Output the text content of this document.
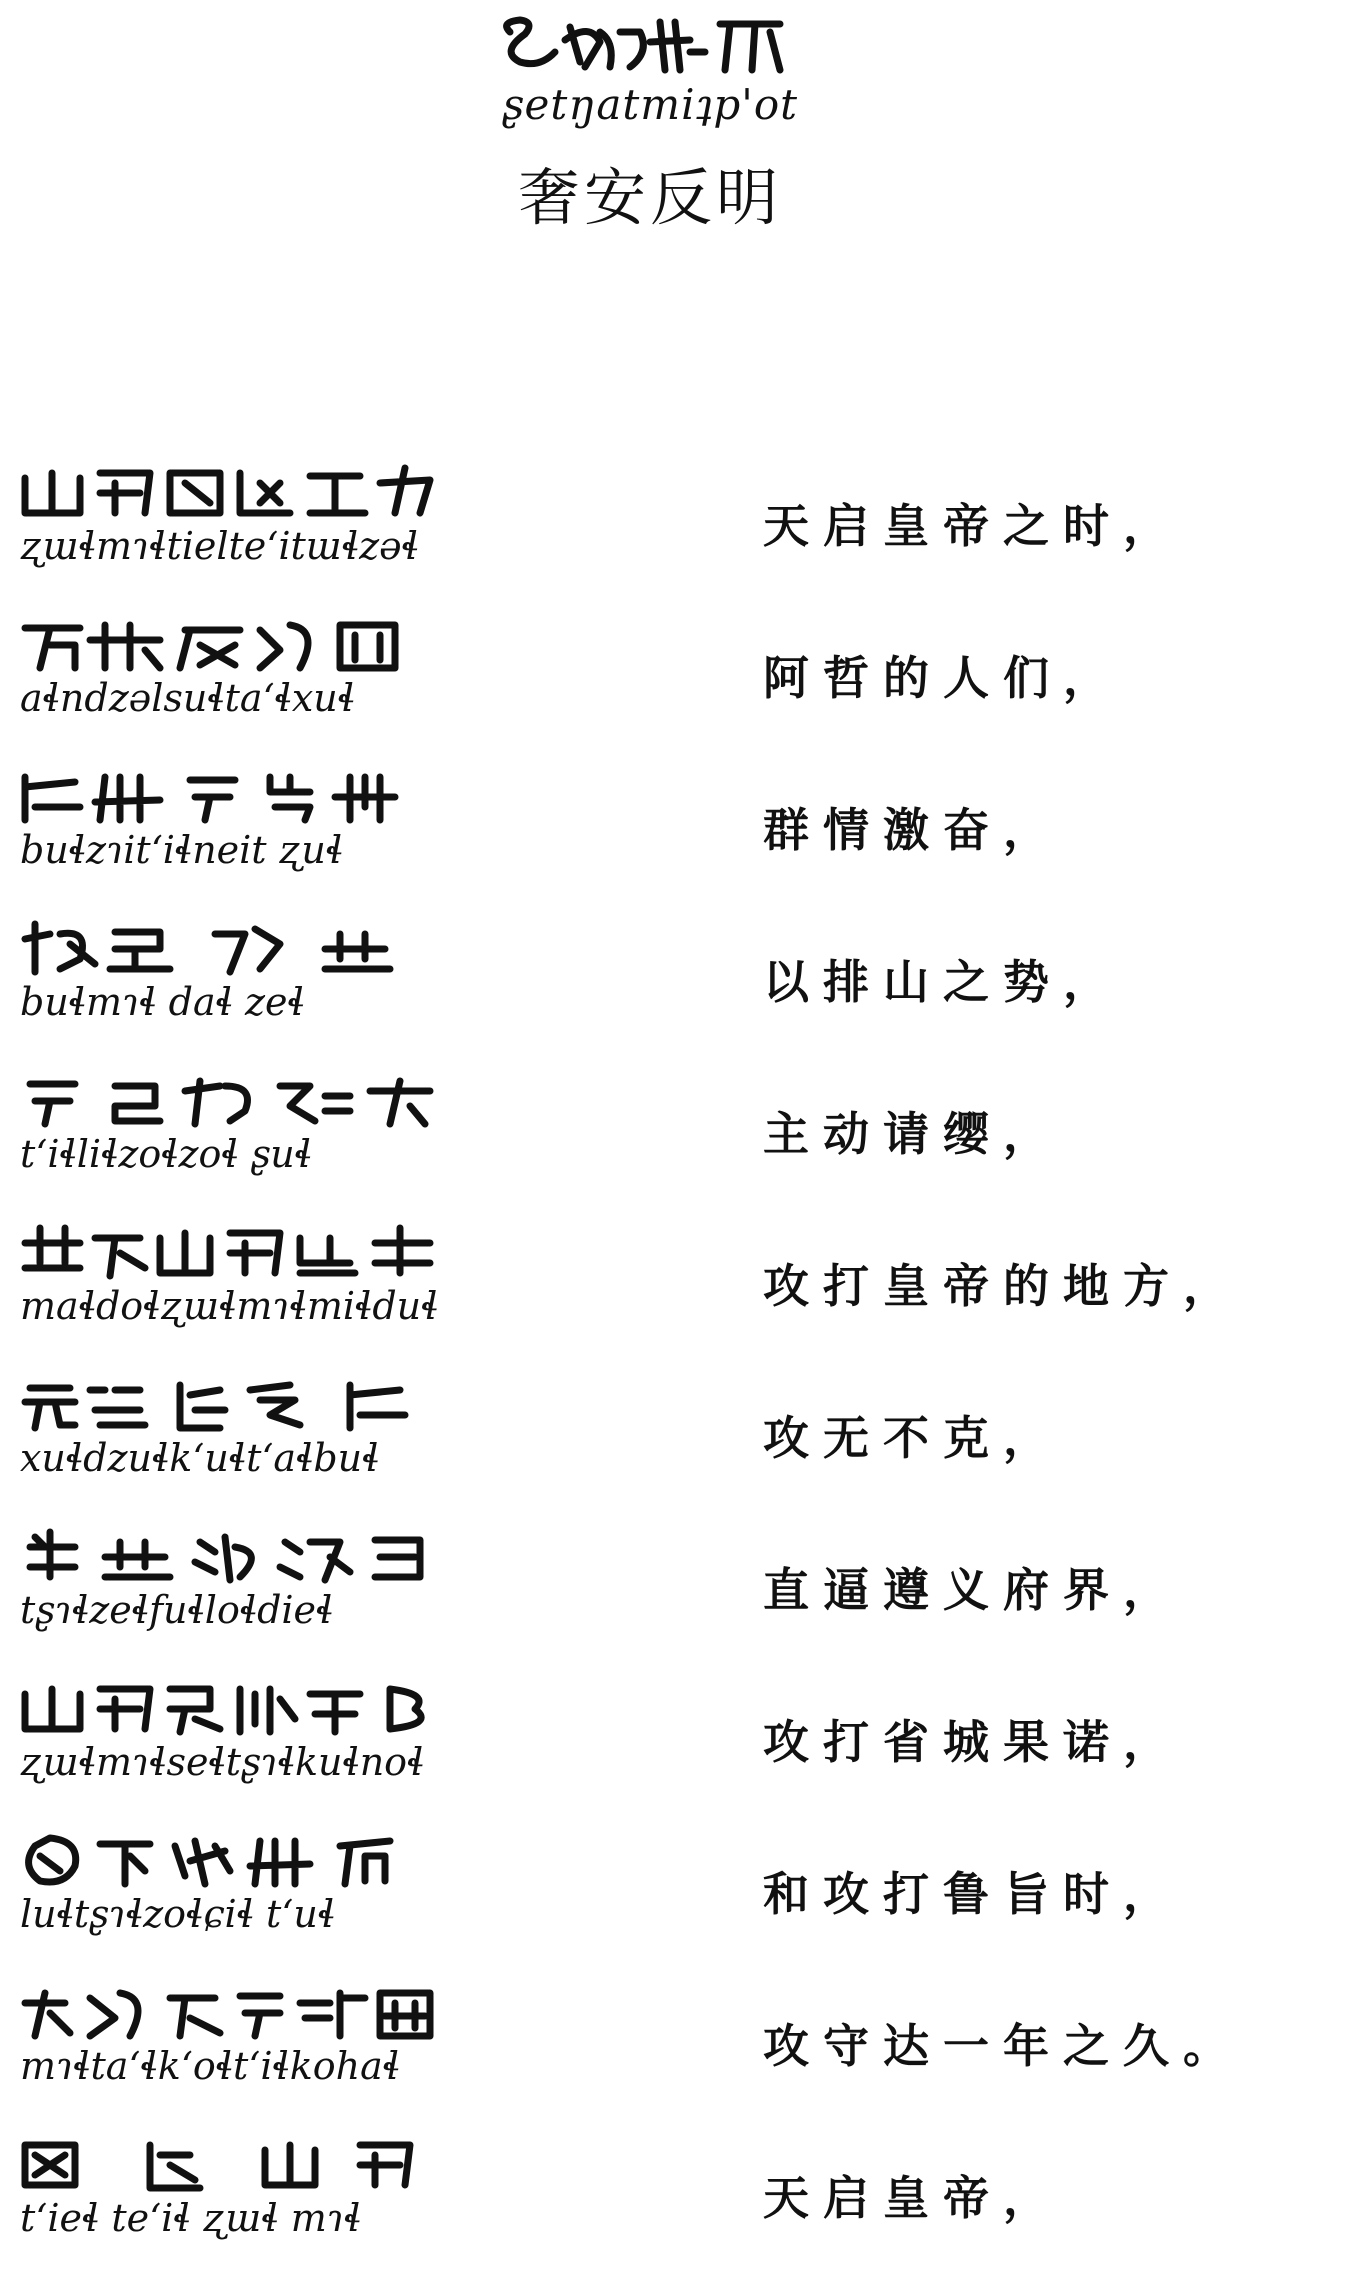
ʂetŋatmiʇp'ot
奢安反明
ʐɯɬmɿɬtielteʻitɯɬzəɬ	天启皇帝之时，
aɬndzəlsuɬtaʻɬxuɬ	阿哲的人们，
buɬzɿitʻiɬneit ʐuɬ	群情激奋，
buɬmɿɬ daɬ zeɬ	以排山之势，
tʻiɬliɬzoɬzoɬ ʂuɬ	主动请缨，
maɬdoɬʐɯɬmɿɬmiɬduɬ	攻打皇帝的地方，
xuɬdzuɬkʻuɬtʻaɬbuɬ	攻无不克，
tʂɿɬzeɬfuɬloɬdieɬ	直逼遵义府界，
ʐɯɬmɿɬseɬtʂɿɬkuɬnoɬ	攻打省城果诺，
luɬtʂɿɬzoɬɕiɬ tʻuɬ	和攻打鲁旨时，
mɿɬtaʻɬkʻoɬtʻiɬkohaɬ	攻守达一年之久。
tʻieɬ teʻiɬ ʐɯɬ mɿɬ	天启皇帝，
